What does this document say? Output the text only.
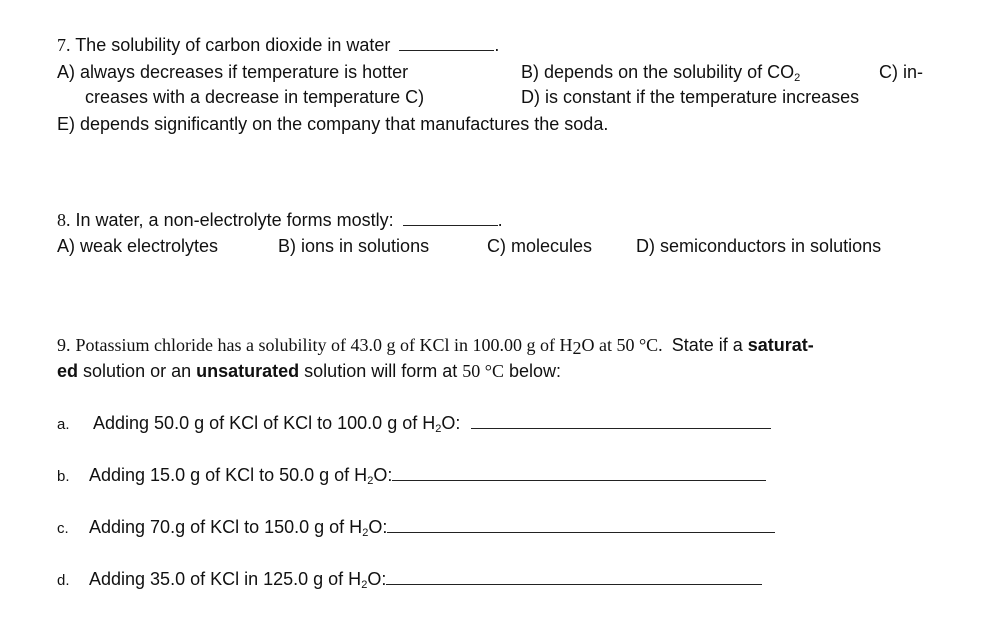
7. The solubility of carbon dioxide in water	.
A) always decreases if temperature is hotter	B) depends on the solubility of $CO_2$	C) in-
creases with a decrease in temperature C)	D) is constant if the temperature increases
E) depends significantly on the company that manufactures the soda.
8. In water, a non-electrolyte forms mostly:	.
A) weak electrolytes	B) ions in solutions	C) molecules D) semiconductors in solutions
9. Potassium chloride has a solubility of 43.0 g of KCl in 100.00 g of $H_2O$ at 50 °C. State if a saturat-
ed solution or an unsaturated solution will form at 50 °C below:
a. Adding 50.0 g of KCl of KCl to 100.0 g of $H_2O$:
b. Adding 15.0 g of KCl to 50.0 g of $H_2O$:
c. Adding 70.g of KCl to 150.0 g of $H_2O$:
d. Adding 35.0 of KCl in 125.0 g of $H_2O$:
